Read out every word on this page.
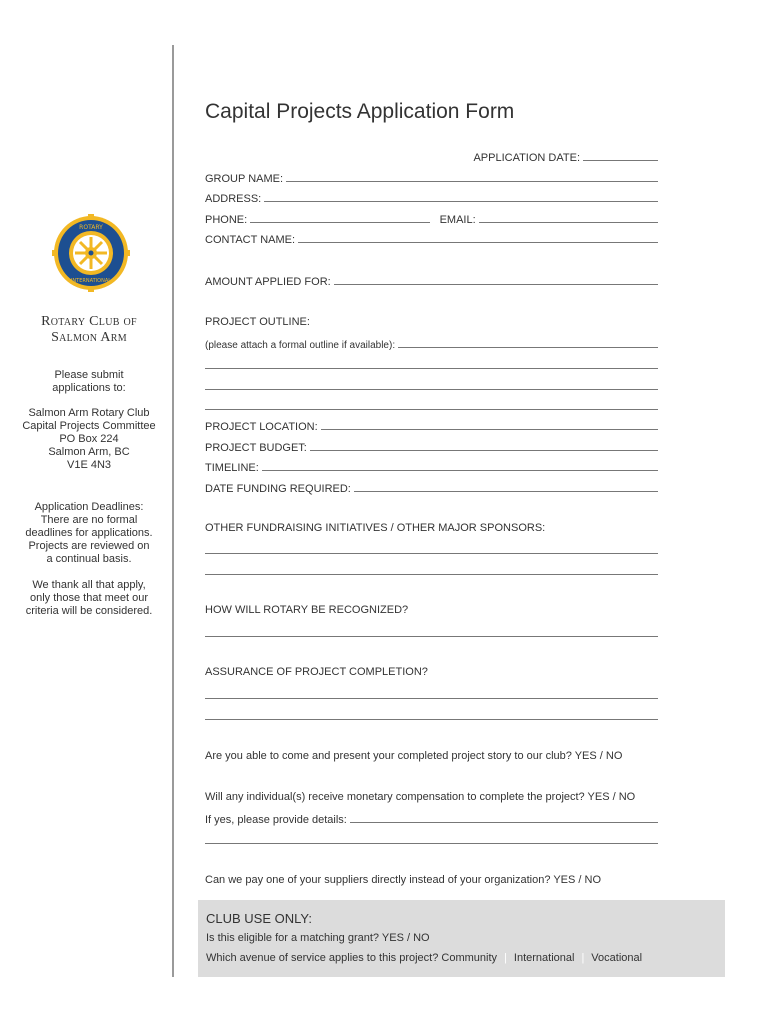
ROTARY
INTERNATIONAL
Rotary Club of
Salmon Arm
Please submit
applications to:
Salmon Arm Rotary Club
Capital Projects Committee
PO Box 224
Salmon Arm, BC
V1E 4N3
Application Deadlines:
There are no formal
deadlines for applications.
Projects are reviewed on
a continual basis.
We thank all that apply,
only those that meet our
criteria will be considered.
Capital Projects Application Form
APPLICATION DATE:
GROUP NAME:
ADDRESS:
PHONE:	EMAIL:
CONTACT NAME:
AMOUNT APPLIED FOR:
PROJECT OUTLINE:
(please attach a formal outline if available):
PROJECT LOCATION:
PROJECT BUDGET:
TIMELINE:
DATE FUNDING REQUIRED:
OTHER FUNDRAISING INITIATIVES / OTHER MAJOR SPONSORS:
HOW WILL ROTARY BE RECOGNIZED?
ASSURANCE OF PROJECT COMPLETION?
Are you able to come and present your completed project story to our club? YES / NO
Will any individual(s) receive monetary compensation to complete the project? YES / NO
If yes, please provide details:
Can we pay one of your suppliers directly instead of your organization? YES / NO
CLUB USE ONLY:
Is this eligible for a matching grant? YES / NO
Which avenue of service applies to this project? Community | International | Vocational
